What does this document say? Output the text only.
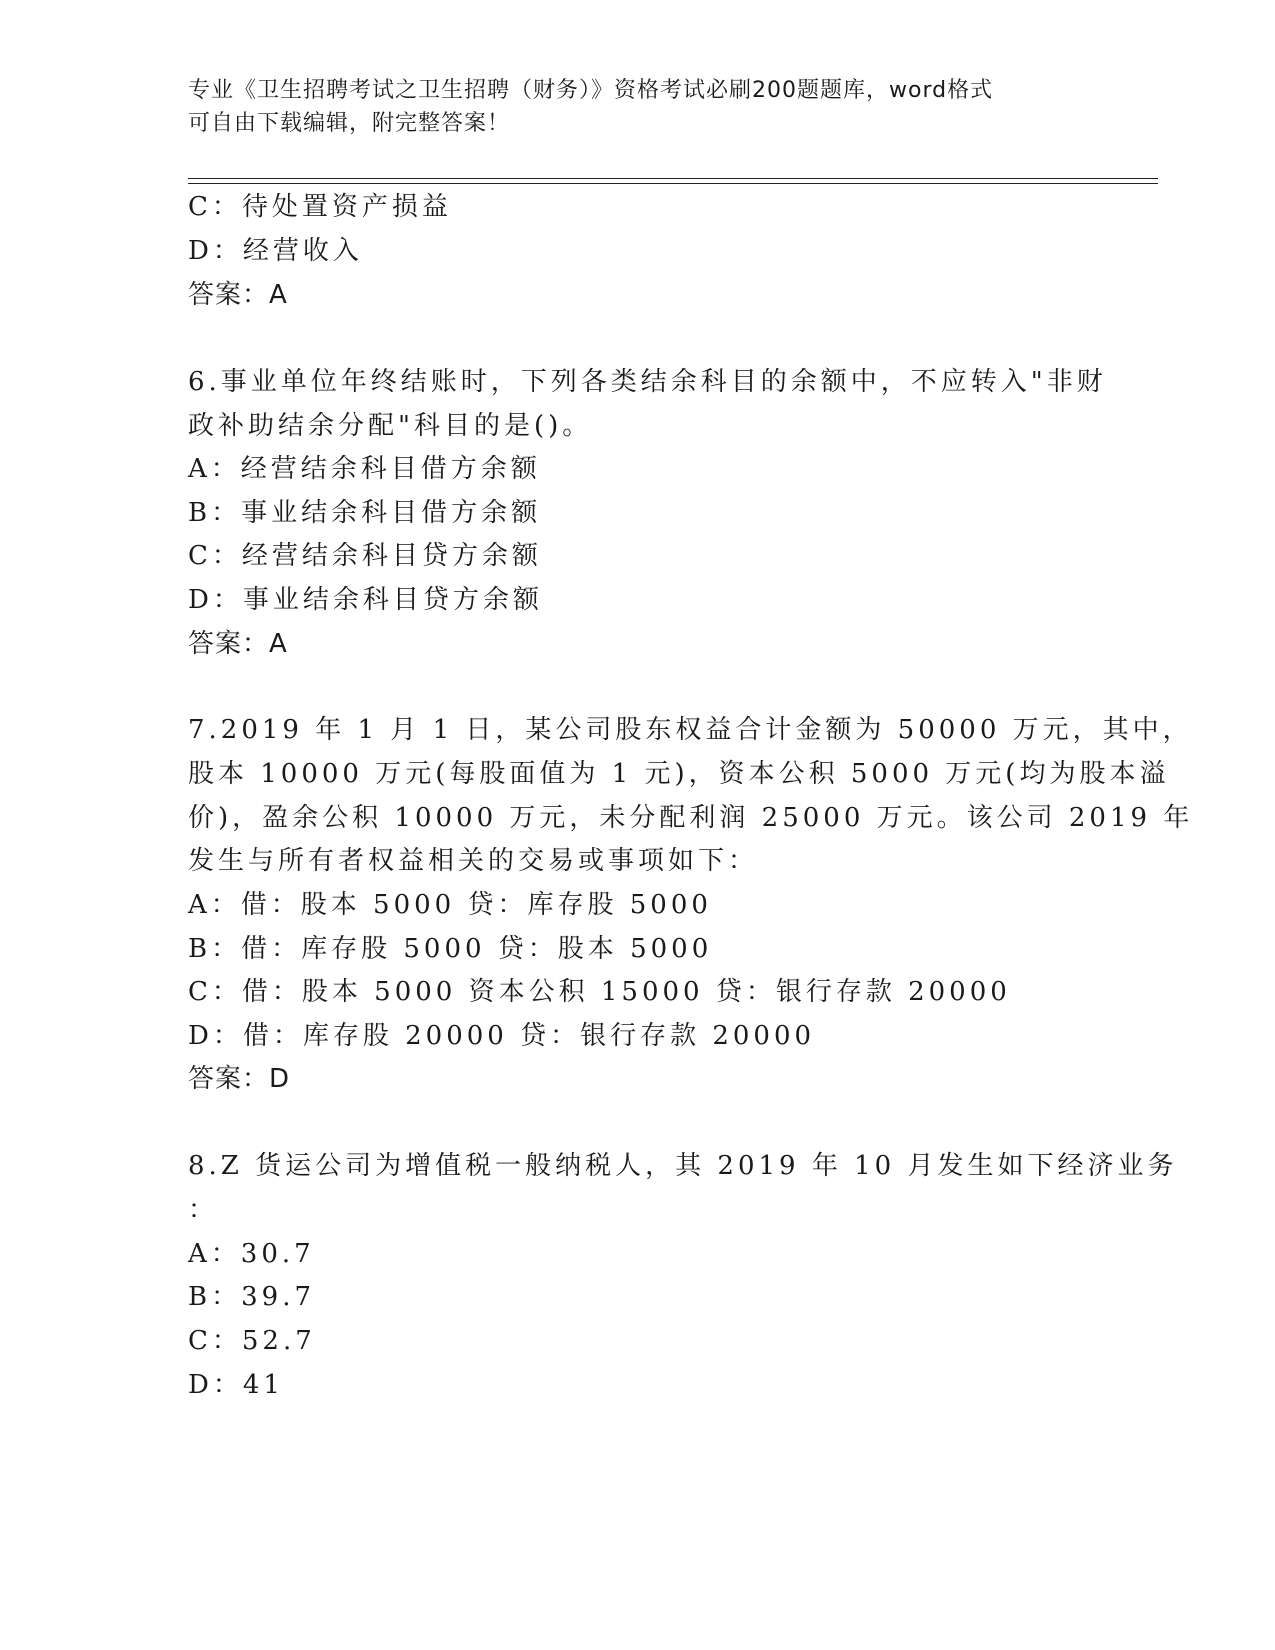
专业《卫生招聘考试之卫生招聘（财务）》资格考试必刷200题题库，word格式
可自由下载编辑，附完整答案！
C：待处置资产损益
D：经营收入
答案：A
6.事业单位年终结账时，下列各类结余科目的余额中，不应转入"非财
政补助结余分配"科目的是()。
A：经营结余科目借方余额
B：事业结余科目借方余额
C：经营结余科目贷方余额
D：事业结余科目贷方余额
答案：A
7.2019 年 1 月 1 日，某公司股东权益合计金额为 50000 万元，其中，
股本 10000 万元(每股面值为 1 元)，资本公积 5000 万元(均为股本溢
价)，盈余公积 10000 万元，未分配利润 25000 万元。该公司 2019 年
发生与所有者权益相关的交易或事项如下：
A：借：股本 5000 贷：库存股 5000
B：借：库存股 5000 贷：股本 5000
C：借：股本 5000 资本公积 15000 贷：银行存款 20000
D：借：库存股 20000 贷：银行存款 20000
答案：D
8.Z 货运公司为增值税一般纳税人，其 2019 年 10 月发生如下经济业务
：
A：30.7
B：39.7
C：52.7
D：41
